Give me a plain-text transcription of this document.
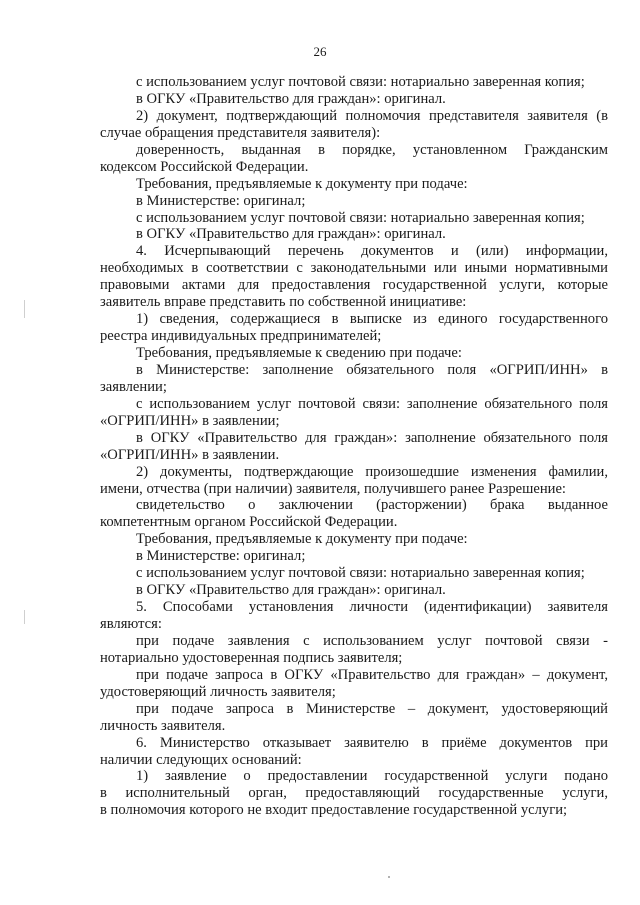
26
с использованием услуг почтовой связи: нотариально заверенная копия;
в ОГКУ «Правительство для граждан»: оригинал.
2) документ, подтверждающий полномочия представителя заявителя (в
случае обращения представителя заявителя):
доверенность, выданная в порядке, установленном Гражданским
кодексом Российской Федерации.
Требования, предъявляемые к документу при подаче:
в Министерстве: оригинал;
с использованием услуг почтовой связи: нотариально заверенная копия;
в ОГКУ «Правительство для граждан»: оригинал.
4. Исчерпывающий перечень документов и (или) информации,
необходимых в соответствии с законодательными или иными нормативными
правовыми актами для предоставления государственной услуги, которые
заявитель вправе представить по собственной инициативе:
1) сведения, содержащиеся в выписке из единого государственного
реестра индивидуальных предпринимателей;
Требования, предъявляемые к сведению при подаче:
в Министерстве: заполнение обязательного поля «ОГРИП/ИНН» в
заявлении;
с использованием услуг почтовой связи: заполнение обязательного поля
«ОГРИП/ИНН» в заявлении;
в ОГКУ «Правительство для граждан»: заполнение обязательного поля
«ОГРИП/ИНН» в заявлении.
2) документы, подтверждающие произошедшие изменения фамилии,
имени, отчества (при наличии) заявителя, получившего ранее Разрешение:
свидетельство о заключении (расторжении) брака выданное
компетентным органом Российской Федерации.
Требования, предъявляемые к документу при подаче:
в Министерстве: оригинал;
с использованием услуг почтовой связи: нотариально заверенная копия;
в ОГКУ «Правительство для граждан»: оригинал.
5. Способами установления личности (идентификации) заявителя
являются:
при подаче заявления с использованием услуг почтовой связи -
нотариально удостоверенная подпись заявителя;
при подаче запроса в ОГКУ «Правительство для граждан» – документ,
удостоверяющий личность заявителя;
при подаче запроса в Министерстве – документ, удостоверяющий
личность заявителя.
6. Министерство отказывает заявителю в приёме документов при
наличии следующих оснований:
1) заявление о предоставлении государственной услуги подано
в исполнительный орган, предоставляющий государственные услуги,
в полномочия которого не входит предоставление государственной услуги;
